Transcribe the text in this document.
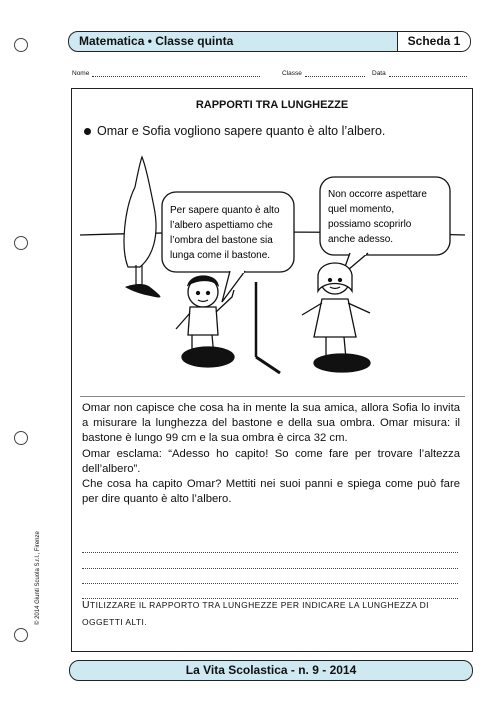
Matematica • Classe quinta	Scheda 1
Nome	Classe	Data
RAPPORTI TRA LUNGHEZZE
Omar e Sofia vogliono sapere quanto è alto l’albero.
Per sapere quanto è alto
l’albero aspettiamo che
l’ombra del bastone sia
lunga come il bastone.
Non occorre aspettare
quel momento,
possiamo scoprirlo
anche adesso.

Omar non capisce che cosa ha in mente la sua amica, allora Sofia lo invita a misurare la lunghezza del bastone e della sua ombra. Omar misura: il bastone è lungo 99 cm e la sua ombra è circa 32 cm.

Omar esclama: “Adesso ho capito! So come fare per trovare l’altezza dell’albero”.

Che cosa ha capito Omar? Mettiti nei suoi panni e spiega come può fare per dire quanto è alto l’albero.

UTILIZZARE IL RAPPORTO TRA LUNGHEZZE PER INDICARE LA LUNGHEZZA DI OGGETTI ALTI.
© 2014 Giunti Scuola S.r.l., Firenze
La Vita Scolastica - n. 9 - 2014
